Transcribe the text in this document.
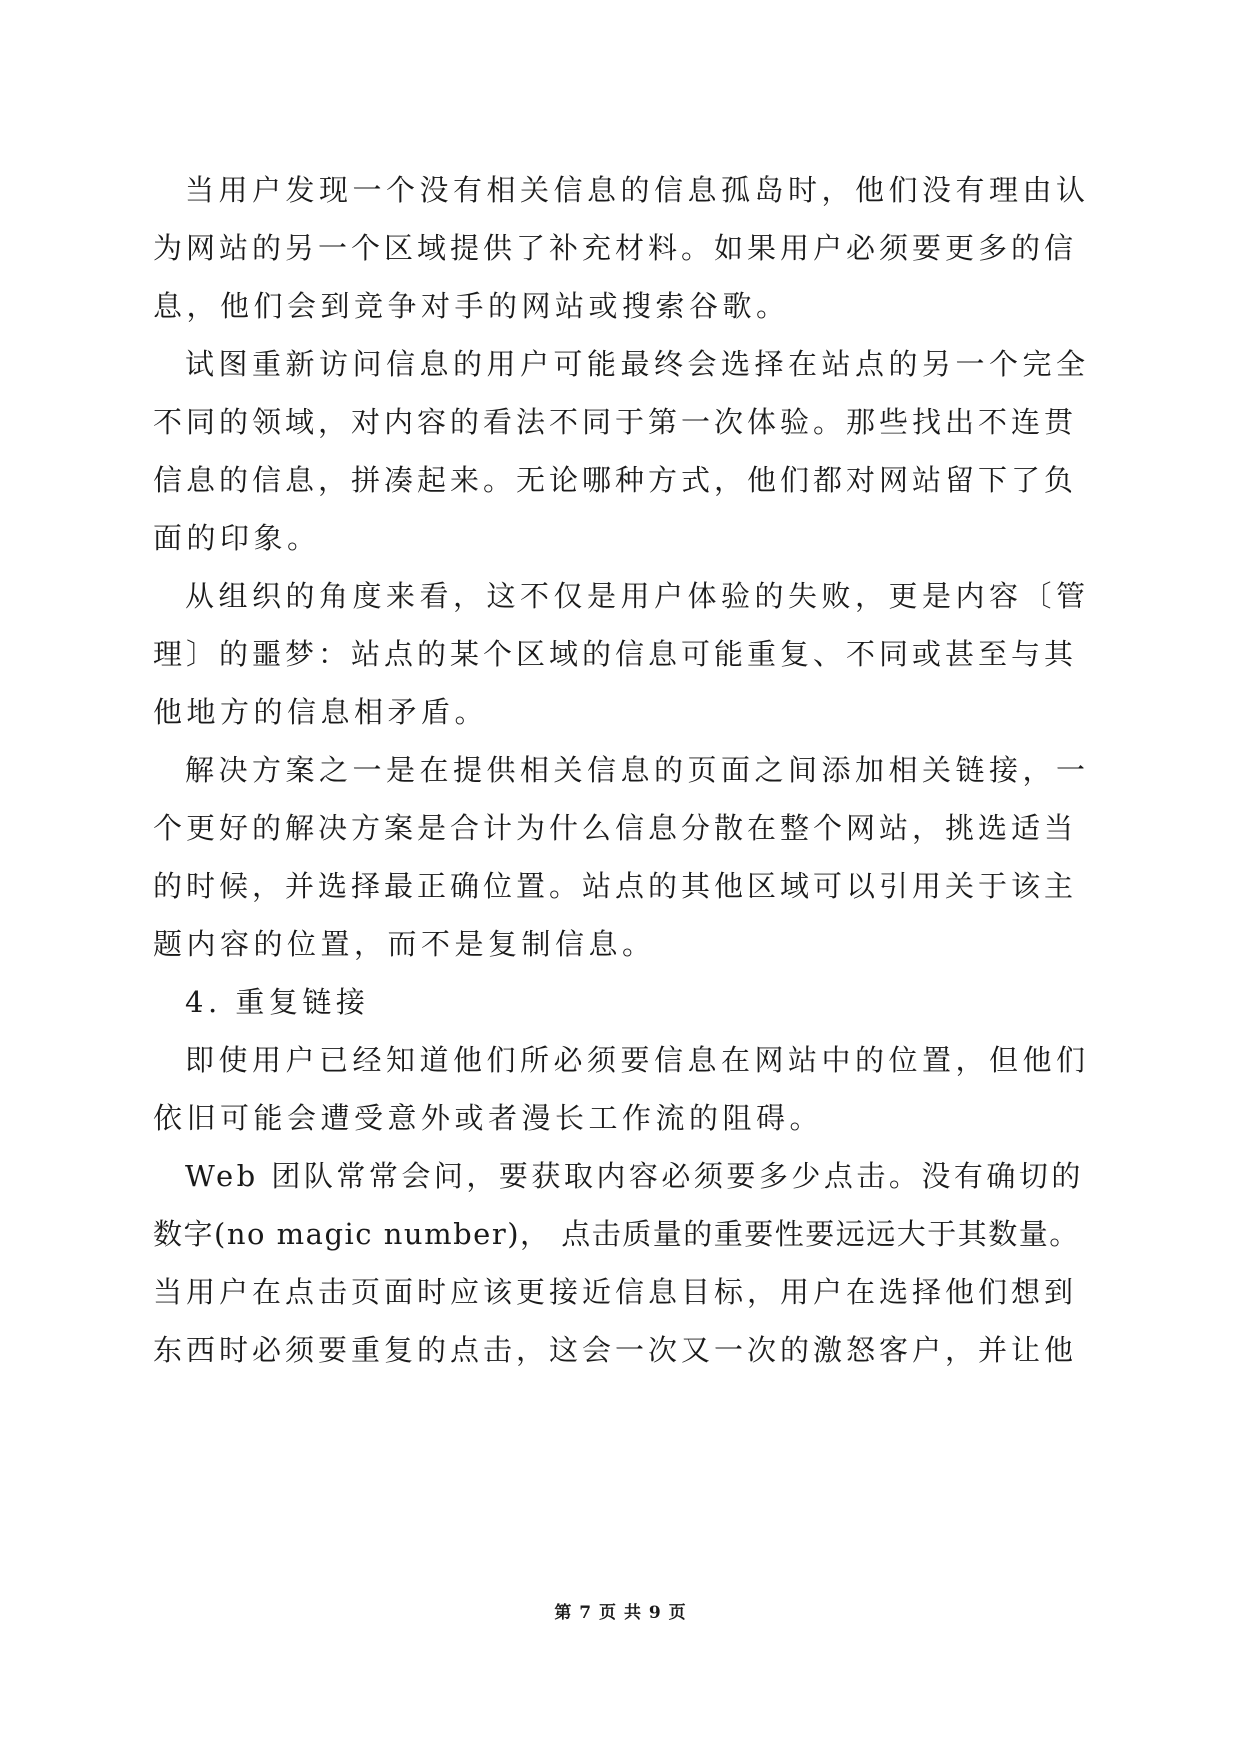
当用户发现一个没有相关信息的信息孤岛时，他们没有理由认
为网站的另一个区域提供了补充材料。如果用户必须要更多的信
息，他们会到竞争对手的网站或搜索谷歌。
试图重新访问信息的用户可能最终会选择在站点的另一个完全
不同的领域，对内容的看法不同于第一次体验。那些找出不连贯
信息的信息，拼凑起来。无论哪种方式，他们都对网站留下了负
面的印象。
从组织的角度来看，这不仅是用户体验的失败，更是内容〔管
理〕的噩梦：站点的某个区域的信息可能重复、不同或甚至与其
他地方的信息相矛盾。
解决方案之一是在提供相关信息的页面之间添加相关链接，一
个更好的解决方案是合计为什么信息分散在整个网站，挑选适当
的时候，并选择最正确位置。站点的其他区域可以引用关于该主
题内容的位置，而不是复制信息。
4. 重复链接
即使用户已经知道他们所必须要信息在网站中的位置，但他们
依旧可能会遭受意外或者漫长工作流的阻碍。
Web 团队常常会问，要获取内容必须要多少点击。没有确切的
数字(no magic number)， 点击质量的重要性要远远大于其数量。
当用户在点击页面时应该更接近信息目标，用户在选择他们想到
东西时必须要重复的点击，这会一次又一次的激怒客户，并让他
第 7 页 共 9 页
